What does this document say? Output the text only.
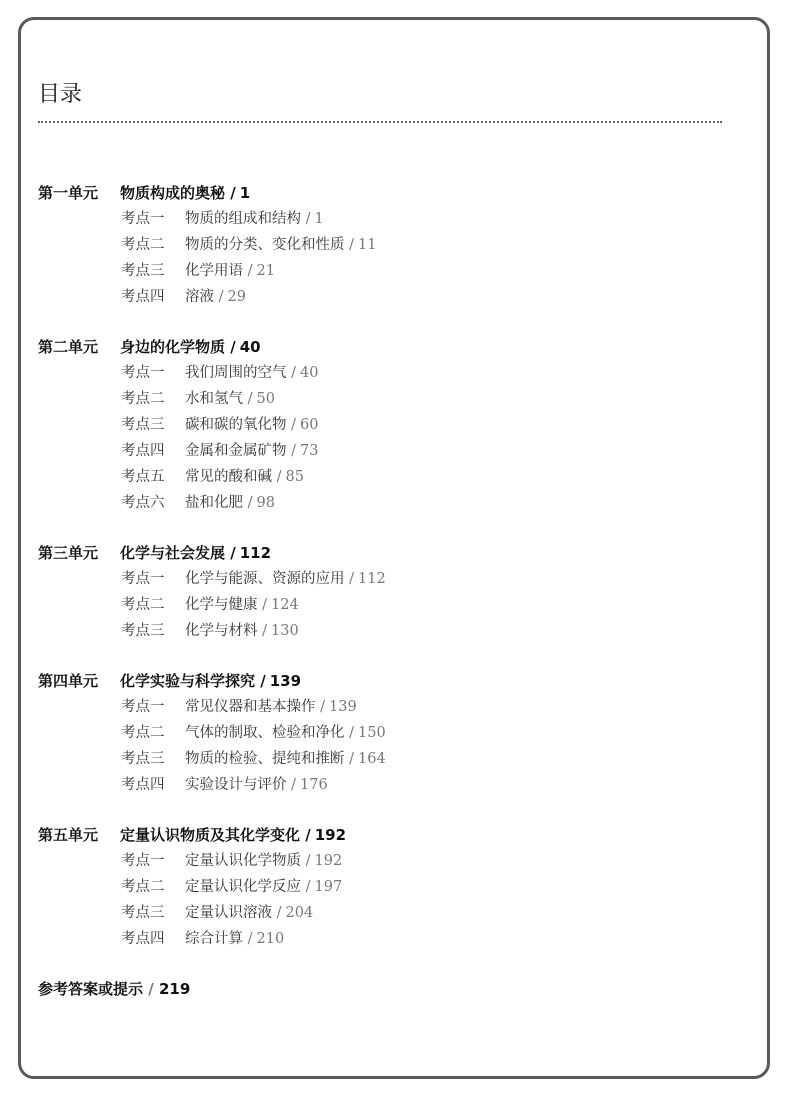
目录
第一单元 物质构成的奥秘 / 1
考点一 物质的组成和结构 / 1
考点二 物质的分类、变化和性质 / 11
考点三 化学用语 / 21
考点四 溶液 / 29
第二单元 身边的化学物质 / 40
考点一 我们周围的空气 / 40
考点二 水和氢气 / 50
考点三 碳和碳的氧化物 / 60
考点四 金属和金属矿物 / 73
考点五 常见的酸和碱 / 85
考点六 盐和化肥 / 98
第三单元 化学与社会发展 / 112
考点一 化学与能源、资源的应用 / 112
考点二 化学与健康 / 124
考点三 化学与材料 / 130
第四单元 化学实验与科学探究 / 139
考点一 常见仪器和基本操作 / 139
考点二 气体的制取、检验和净化 / 150
考点三 物质的检验、提纯和推断 / 164
考点四 实验设计与评价 / 176
第五单元 定量认识物质及其化学变化 / 192
考点一 定量认识化学物质 / 192
考点二 定量认识化学反应 / 197
考点三 定量认识溶液 / 204
考点四 综合计算 / 210
参考答案或提示 / 219
